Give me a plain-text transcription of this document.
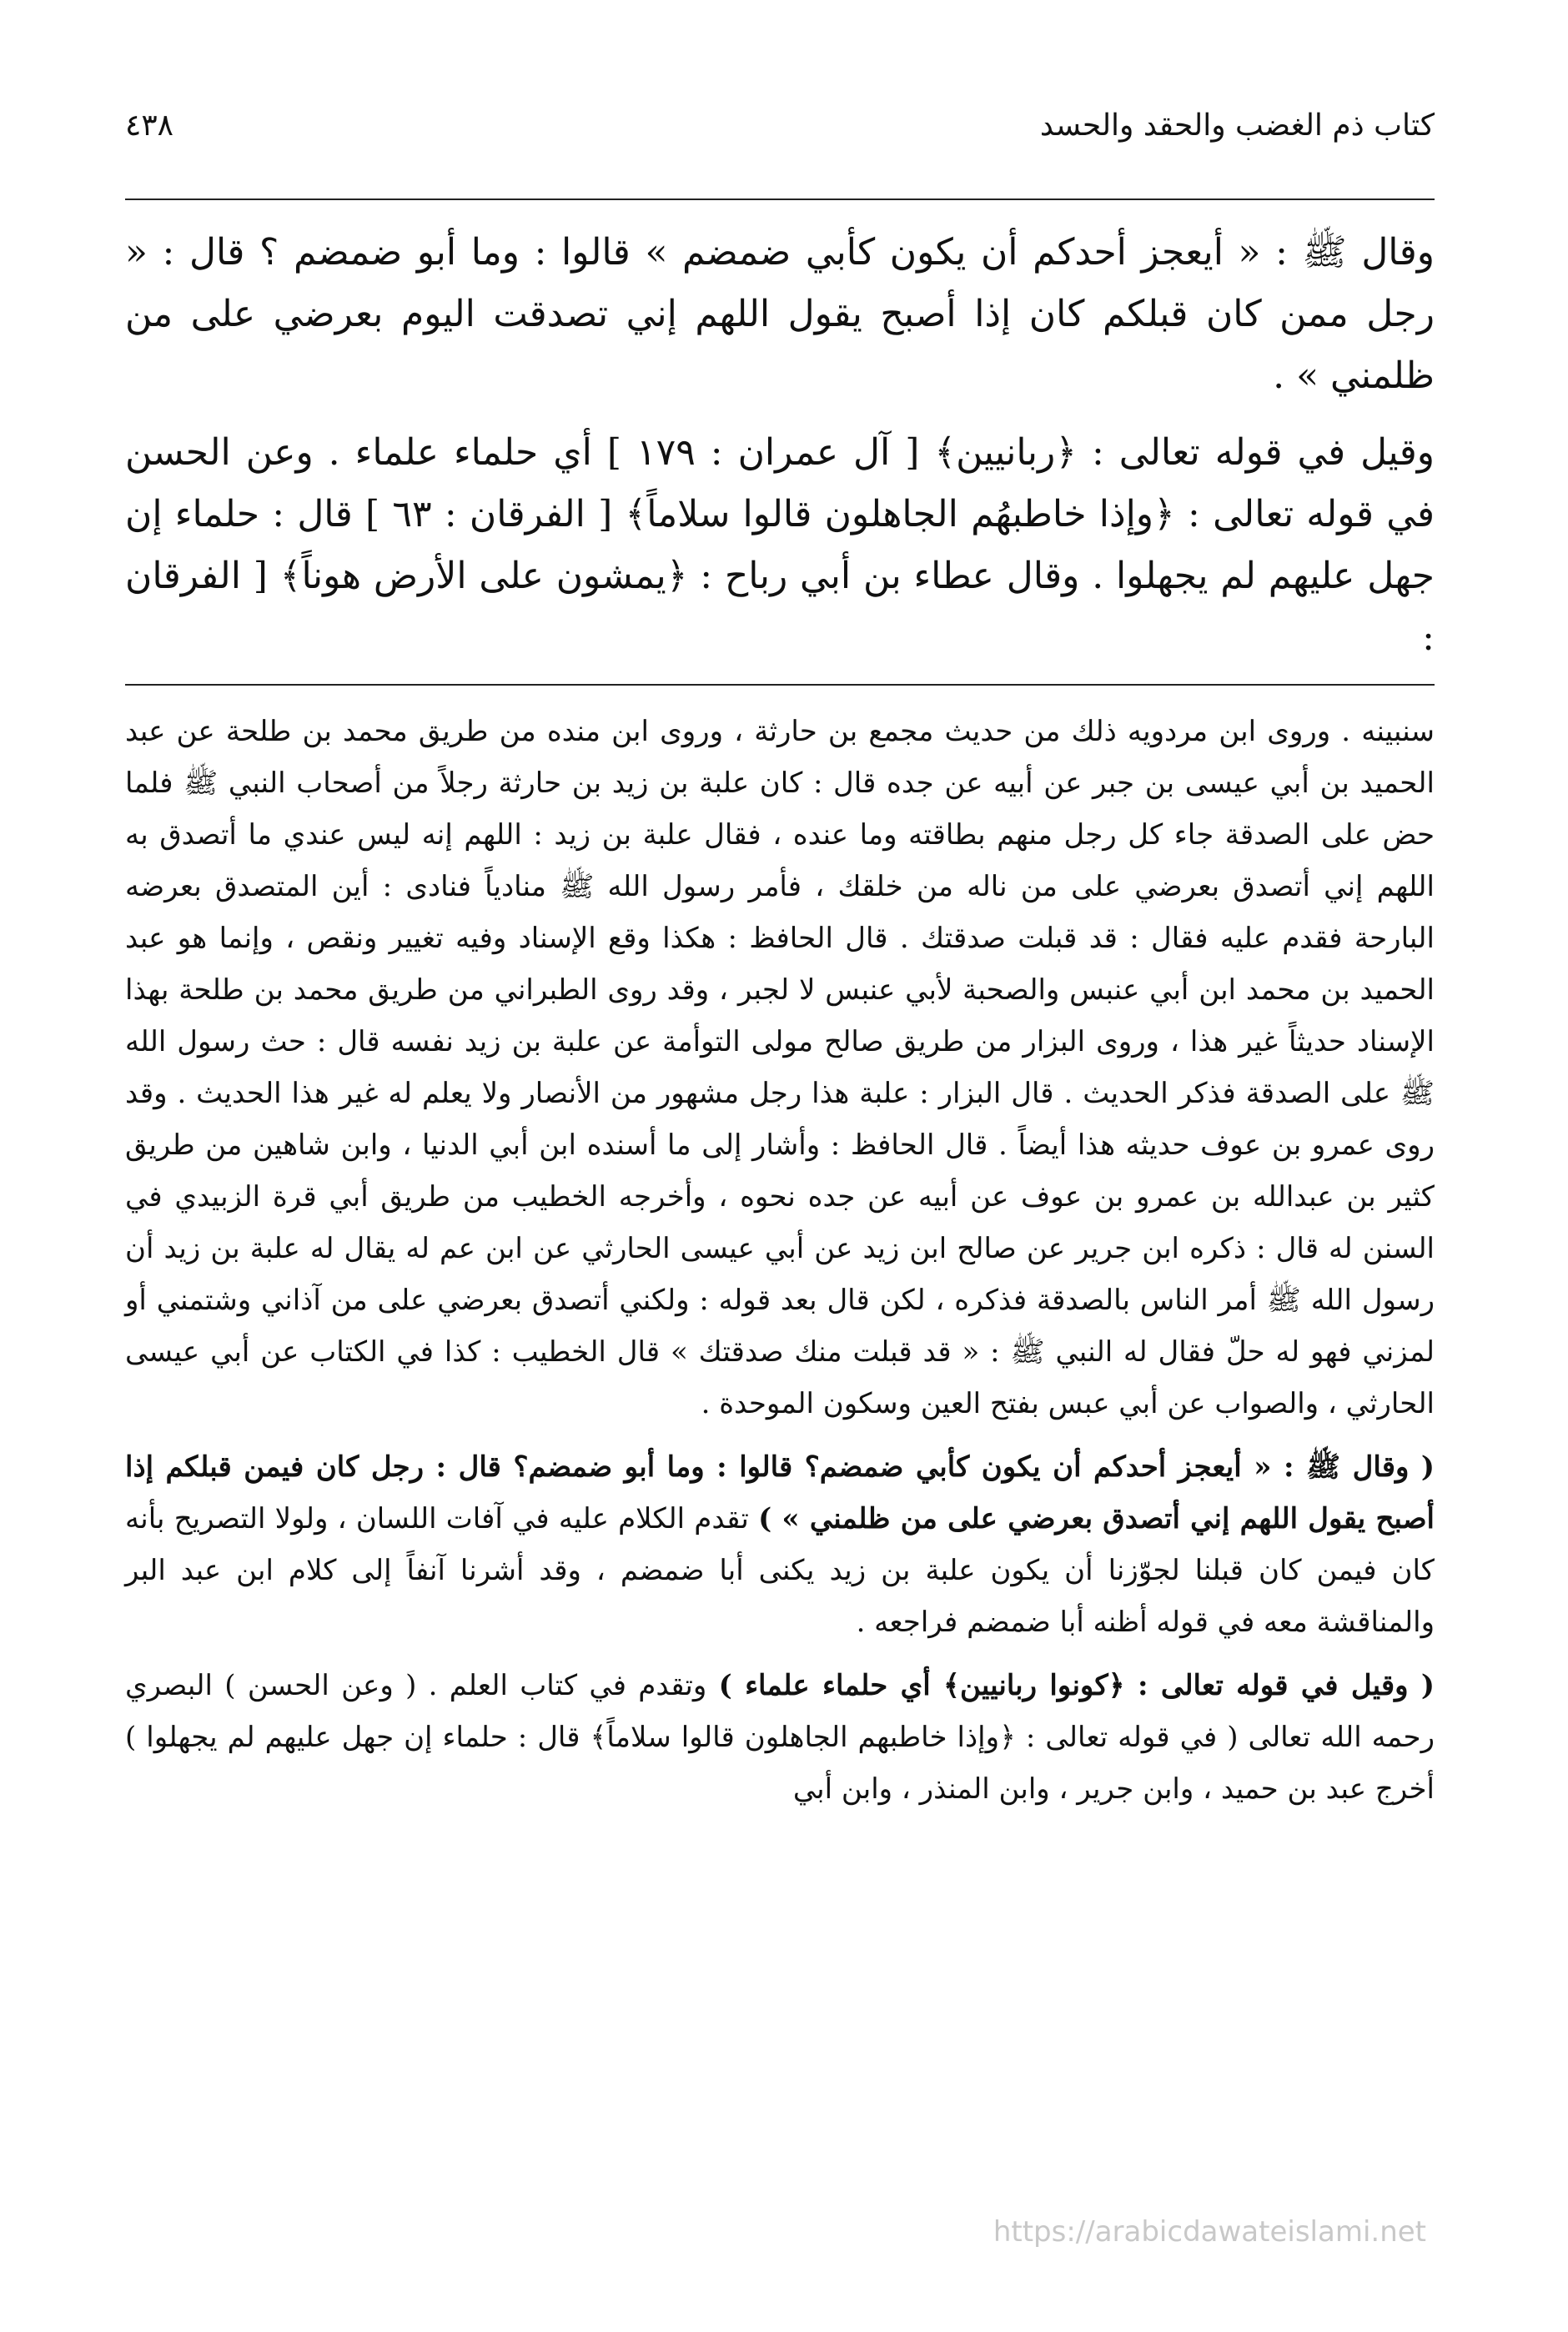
كتاب ذم الغضب والحقد والحسد
٤٣٨

وقال ﷺ : « أيعجز أحدكم أن يكون كأبي ضمضم » قالوا : وما أبو ضمضم ؟ قال : « رجل ممن كان قبلكم كان إذا أصبح يقول اللهم إني تصدقت اليوم بعرضي على من ظلمني » .

وقيل في قوله تعالى : ﴿ربانيين﴾ [ آل عمران : ١٧٩ ] أي حلماء علماء . وعن الحسن في قوله تعالى : ﴿وإذا خاطبهُم الجاهلون قالوا سلاماً﴾ [ الفرقان : ٦٣ ] قال : حلماء إن جهل عليهم لم يجهلوا . وقال عطاء بن أبي رباح : ﴿يمشون على الأرض هوناً﴾ [ الفرقان :

سنبينه . وروى ابن مردويه ذلك من حديث مجمع بن حارثة ، وروى ابن منده من طريق محمد بن طلحة عن عبد الحميد بن أبي عيسى بن جبر عن أبيه عن جده قال : كان علبة بن زيد بن حارثة رجلاً من أصحاب النبي ﷺ فلما حض على الصدقة جاء كل رجل منهم بطاقته وما عنده ، فقال علبة بن زيد : اللهم إنه ليس عندي ما أتصدق به اللهم إني أتصدق بعرضي على من ناله من خلقك ، فأمر رسول الله ﷺ منادياً فنادى : أين المتصدق بعرضه البارحة فقدم عليه فقال : قد قبلت صدقتك . قال الحافظ : هكذا وقع الإسناد وفيه تغيير ونقص ، وإنما هو عبد الحميد بن محمد ابن أبي عنبس والصحبة لأبي عنبس لا لجبر ، وقد روى الطبراني من طريق محمد بن طلحة بهذا الإسناد حديثاً غير هذا ، وروى البزار من طريق صالح مولى التوأمة عن علبة بن زيد نفسه قال : حث رسول الله ﷺ على الصدقة فذكر الحديث . قال البزار : علبة هذا رجل مشهور من الأنصار ولا يعلم له غير هذا الحديث . وقد روى عمرو بن عوف حديثه هذا أيضاً . قال الحافظ : وأشار إلى ما أسنده ابن أبي الدنيا ، وابن شاهين من طريق كثير بن عبدالله بن عمرو بن عوف عن أبيه عن جده نحوه ، وأخرجه الخطيب من طريق أبي قرة الزبيدي في السنن له قال : ذكره ابن جرير عن صالح ابن زيد عن أبي عيسى الحارثي عن ابن عم له يقال له علبة بن زيد أن رسول الله ﷺ أمر الناس بالصدقة فذكره ، لكن قال بعد قوله : ولكني أتصدق بعرضي على من آذاني وشتمني أو لمزني فهو له حلّ فقال له النبي ﷺ : « قد قبلت منك صدقتك » قال الخطيب : كذا في الكتاب عن أبي عيسى الحارثي ، والصواب عن أبي عبس بفتح العين وسكون الموحدة .

( وقال ﷺ : « أيعجز أحدكم أن يكون كأبي ضمضم؟ قالوا : وما أبو ضمضم؟ قال : رجل كان فيمن قبلكم إذا أصبح يقول اللهم إني أتصدق بعرضي على من ظلمني » ) تقدم الكلام عليه في آفات اللسان ، ولولا التصريح بأنه كان فيمن كان قبلنا لجوّزنا أن يكون علبة بن زيد يكنى أبا ضمضم ، وقد أشرنا آنفاً إلى كلام ابن عبد البر والمناقشة معه في قوله أظنه أبا ضمضم فراجعه .

( وقيل في قوله تعالى : ﴿كونوا ربانيين﴾ أي حلماء علماء ) وتقدم في كتاب العلم . ( وعن الحسن ) البصري رحمه الله تعالى ( في قوله تعالى : ﴿وإذا خاطبهم الجاهلون قالوا سلاماً﴾ قال : حلماء إن جهل عليهم لم يجهلوا ) أخرج عبد بن حميد ، وابن جرير ، وابن المنذر ، وابن أبي

https://arabicdawateislami.net
